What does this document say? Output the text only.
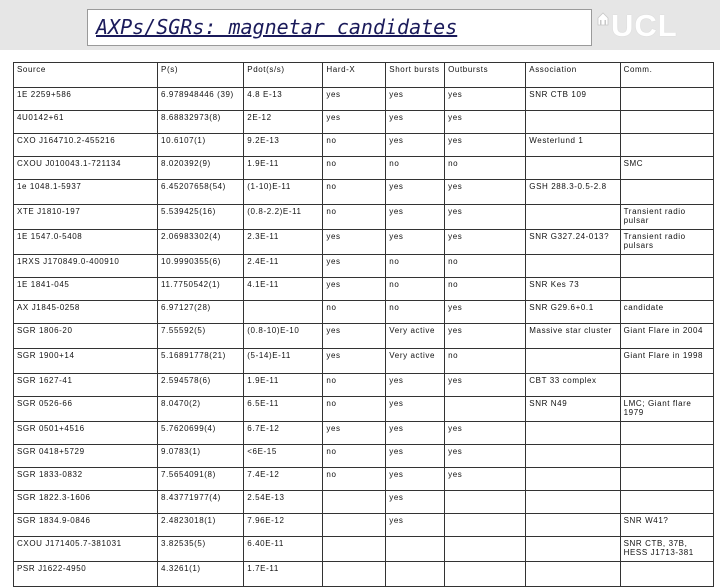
AXPs/SGRs: magnetar candidates	UCL
Source	P(s)	Pdot(s/s)	Hard-X	Short bursts	Outbursts	Association	Comm.
1E 2259+586	6.978948446 (39)	4.8 E-13	yes	yes	yes	SNR CTB 109	
4U0142+61	8.68832973(8)	2E-12	yes	yes	yes		
CXO J164710.2-455216	10.6107(1)	9.2E-13	no	yes	yes	Westerlund 1	
CXOU J010043.1-721134	8.020392(9)	1.9E-11	no	no	no		SMC
1e 1048.1-5937	6.45207658(54)	(1-10)E-11	no	yes	yes	GSH 288.3-0.5-2.8	
XTE J1810-197	5.539425(16)	(0.8-2.2)E-11	no	yes	yes		Transient radio pulsar
1E 1547.0-5408	2.06983302(4)	2.3E-11	yes	yes	yes	SNR G327.24-013?	Transient radio pulsars
1RXS J170849.0-400910	10.9990355(6)	2.4E-11	yes	no	no		
1E 1841-045	11.7750542(1)	4.1E-11	yes	no	no	SNR Kes 73	
AX J1845-0258	6.97127(28)		no	no	yes	SNR G29.6+0.1	candidate
SGR 1806-20	7.55592(5)	(0.8-10)E-10	yes	Very active	yes	Massive star cluster	Giant Flare in 2004
SGR 1900+14	5.16891778(21)	(5-14)E-11	yes	Very active	no		Giant Flare in 1998
SGR 1627-41	2.594578(6)	1.9E-11	no	yes	yes	CBT 33 complex	
SGR 0526-66	8.0470(2)	6.5E-11	no	yes		SNR N49	LMC; Giant flare 1979
SGR 0501+4516	5.7620699(4)	6.7E-12	yes	yes	yes		
SGR 0418+5729	9.0783(1)	<6E-15	no	yes	yes		
SGR 1833-0832	7.5654091(8)	7.4E-12	no	yes	yes		
SGR 1822.3-1606	8.43771977(4)	2.54E-13		yes			
SGR 1834.9-0846	2.4823018(1)	7.96E-12		yes			SNR W41?
CXOU J171405.7-381031	3.82535(5)	6.40E-11					SNR CTB, 37B, HESS J1713-381
PSR J1622-4950	4.3261(1)	1.7E-11					
